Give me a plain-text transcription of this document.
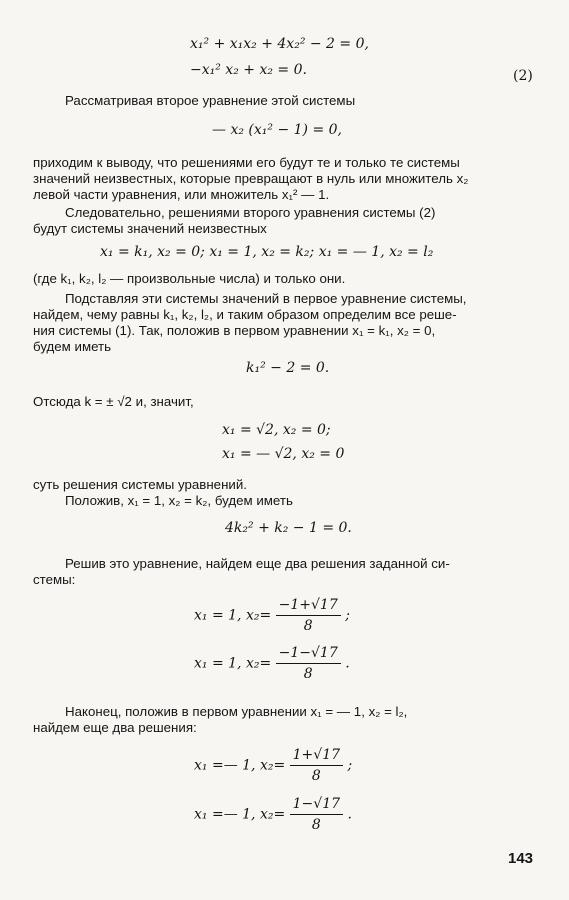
x₁² + x₁x₂ + 4x₂² − 2 = 0,
−x₁² x₂ + x₂ = 0.	(2)
Рассматривая второе уравнение этой системы
— x₂ (x₁² − 1) = 0,
приходим к выводу, что решениями его будут те и только те системы
значений неизвестных, которые превращают в нуль или множитель x₂
левой части уравнения, или множитель x₁² — 1.
Следовательно, решениями второго уравнения системы (2)
будут системы значений неизвестных
x₁ = k₁, x₂ = 0; x₁ = 1, x₂ = k₂; x₁ = — 1, x₂ = l₂
(где k₁, k₂, l₂ — произвольные числа) и только они.
Подставляя эти системы значений в первое уравнение системы,
найдем, чему равны k₁, k₂, l₂, и таким образом определим все реше-
ния системы (1). Так, положив в первом уравнении x₁ = k₁, x₂ = 0,
будем иметь
k₁² − 2 = 0.
Отсюда k = ± √2 и, значит,
x₁ = √2, x₂ = 0;
x₁ = — √2, x₂ = 0
суть решения системы уравнений.
Положив, x₁ = 1, x₂ = k₂, будем иметь
4k₂² + k₂ − 1 = 0.
Решив это уравнение, найдем еще два решения заданной си-
стемы:
x₁ = 1, $x_2= \frac{-1+√17}{8}$ ;
x₁ = 1, $x_2= \frac{-1-√17}{8}$ .
Наконец, положив в первом уравнении x₁ = — 1, x₂ = l₂,
найдем еще два решения:
x₁ =— 1, $x_2= \frac{1+√17}{8}$ ;
x₁ =— 1, $x_2= \frac{1-√17}{8}$ .
143
